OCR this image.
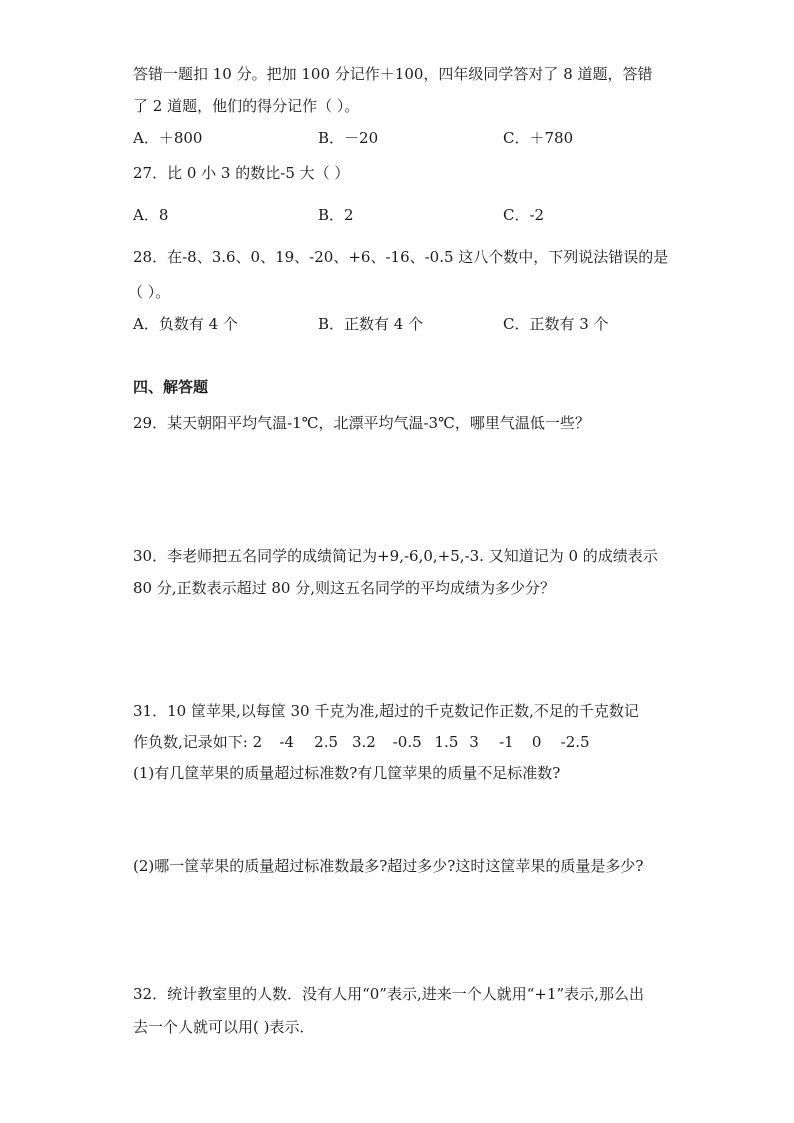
答错一题扣 10 分。把加 100 分记作＋100，四年级同学答对了 8 道题，答错
了 2 道题，他们的得分记作（ ）。
A．＋800	B．－20	C．＋780
27．比 0 小 3 的数比-5 大（ ）
A．8	B．2	C．-2
28．在-8、3.6、0、19、-20、+6、-16、-0.5 这八个数中，下列说法错误的是
（ ）。
A．负数有 4 个	B．正数有 4 个	C．正数有 3 个
四、解答题
29．某天朝阳平均气温-1℃，北漂平均气温-3℃，哪里气温低一些？
30．李老师把五名同学的成绩简记为+9,-6,0,+5,-3. 又知道记为 0 的成绩表示
80 分,正数表示超过 80 分,则这五名同学的平均成绩为多少分？
31．10 筐苹果,以每筐 30 千克为准,超过的千克数记作正数,不足的千克数记
作负数,记录如下: 2 -4 2.5 3.2 -0.5 1.5 3 -1 0 -2.5
(1)有几筐苹果的质量超过标准数?有几筐苹果的质量不足标准数?
(2)哪一筐苹果的质量超过标准数最多?超过多少?这时这筐苹果的质量是多少?
32．统计教室里的人数．没有人用“0”表示,进来一个人就用“+1”表示,那么出
去一个人就可以用( )表示．
